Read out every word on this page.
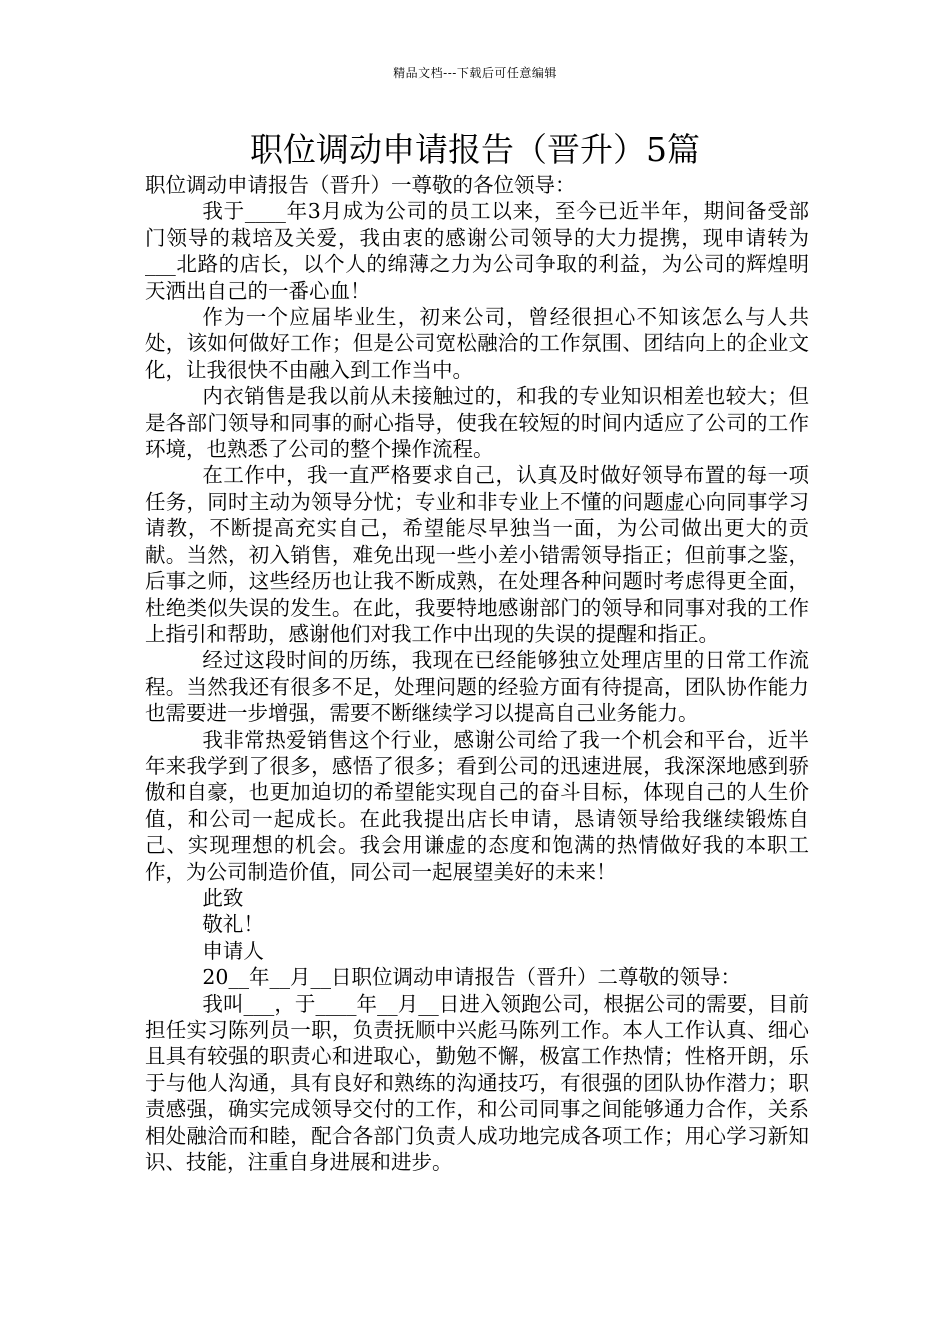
精品文档---下载后可任意编辑
职位调动申请报告（晋升）5篇

职位调动申请报告（晋升）一尊敬的各位领导：

我于____年3月成为公司的员工以来，至今已近半年，期间备受部门领导的栽培及关爱，我由衷的感谢公司领导的大力提携，现申请转为___北路的店长，以个人的绵薄之力为公司争取的利益，为公司的辉煌明天洒出自己的一番心血！

作为一个应届毕业生，初来公司，曾经很担心不知该怎么与人共处，该如何做好工作；但是公司宽松融洽的工作氛围、团结向上的企业文化，让我很快不由融入到工作当中。

内衣销售是我以前从未接触过的，和我的专业知识相差也较大；但是各部门领导和同事的耐心指导，使我在较短的时间内适应了公司的工作环境，也熟悉了公司的整个操作流程。

在工作中，我一直严格要求自己，认真及时做好领导布置的每一项任务，同时主动为领导分忧；专业和非专业上不懂的问题虚心向同事学习请教，不断提高充实自己，希望能尽早独当一面，为公司做出更大的贡献。当然，初入销售，难免出现一些小差小错需领导指正；但前事之鉴，后事之师，这些经历也让我不断成熟，在处理各种问题时考虑得更全面，杜绝类似失误的发生。在此，我要特地感谢部门的领导和同事对我的工作上指引和帮助，感谢他们对我工作中出现的失误的提醒和指正。

经过这段时间的历练，我现在已经能够独立处理店里的日常工作流程。当然我还有很多不足，处理问题的经验方面有待提高，团队协作能力也需要进一步增强，需要不断继续学习以提高自己业务能力。

我非常热爱销售这个行业，感谢公司给了我一个机会和平台，近半年来我学到了很多，感悟了很多；看到公司的迅速进展，我深深地感到骄傲和自豪，也更加迫切的希望能实现自己的奋斗目标，体现自己的人生价值，和公司一起成长。在此我提出店长申请，恳请领导给我继续锻炼自己、实现理想的机会。我会用谦虚的态度和饱满的热情做好我的本职工作，为公司制造价值，同公司一起展望美好的未来！

此致

敬礼！

申请人

20__年__月__日职位调动申请报告（晋升）二尊敬的领导：

我叫___，于____年__月__日进入领跑公司，根据公司的需要，目前担任实习陈列员一职，负责抚顺中兴彪马陈列工作。本人工作认真、细心且具有较强的职责心和进取心，勤勉不懈，极富工作热情；性格开朗，乐于与他人沟通，具有良好和熟练的沟通技巧，有很强的团队协作潜力；职责感强，确实完成领导交付的工作，和公司同事之间能够通力合作，关系相处融洽而和睦，配合各部门负责人成功地完成各项工作；用心学习新知识、技能，注重自身进展和进步。
